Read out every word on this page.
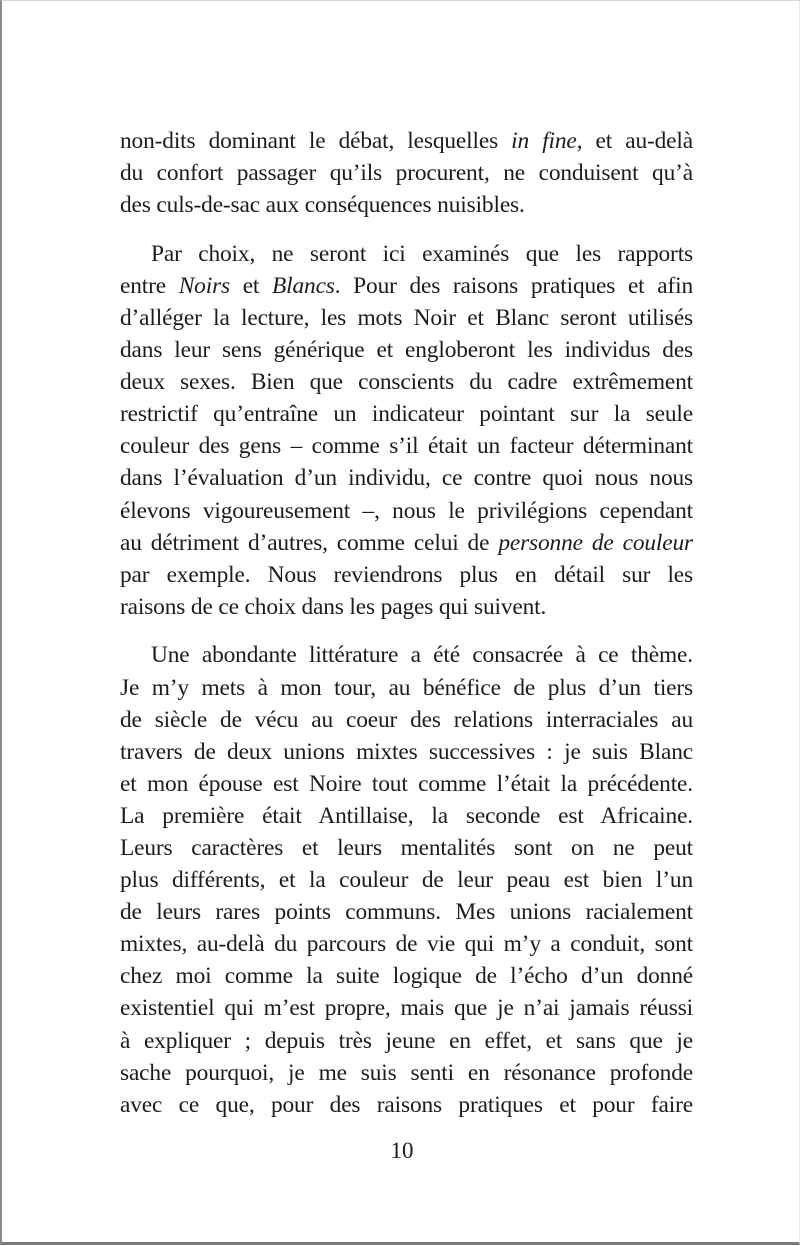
non-dits dominant le débat, lesquelles in fine, et au-delà
du confort passager qu’ils procurent, ne conduisent qu’à
des culs-de-sac aux conséquences nuisibles.
Par choix, ne seront ici examinés que les rapports
entre Noirs et Blancs. Pour des raisons pratiques et afin
d’alléger la lecture, les mots Noir et Blanc seront utilisés
dans leur sens générique et engloberont les individus des
deux sexes. Bien que conscients du cadre extrêmement
restrictif qu’entraîne un indicateur pointant sur la seule
couleur des gens – comme s’il était un facteur déterminant
dans l’évaluation d’un individu, ce contre quoi nous nous
élevons vigoureusement –, nous le privilégions cependant
au détriment d’autres, comme celui de personne de couleur
par exemple. Nous reviendrons plus en détail sur les
raisons de ce choix dans les pages qui suivent.
Une abondante littérature a été consacrée à ce thème.
Je m’y mets à mon tour, au bénéfice de plus d’un tiers
de siècle de vécu au coeur des relations interraciales au
travers de deux unions mixtes successives : je suis Blanc
et mon épouse est Noire tout comme l’était la précédente.
La première était Antillaise, la seconde est Africaine.
Leurs caractères et leurs mentalités sont on ne peut
plus différents, et la couleur de leur peau est bien l’un
de leurs rares points communs. Mes unions racialement
mixtes, au-delà du parcours de vie qui m’y a conduit, sont
chez moi comme la suite logique de l’écho d’un donné
existentiel qui m’est propre, mais que je n’ai jamais réussi
à expliquer ; depuis très jeune en effet, et sans que je
sache pourquoi, je me suis senti en résonance profonde
avec ce que, pour des raisons pratiques et pour faire
10
